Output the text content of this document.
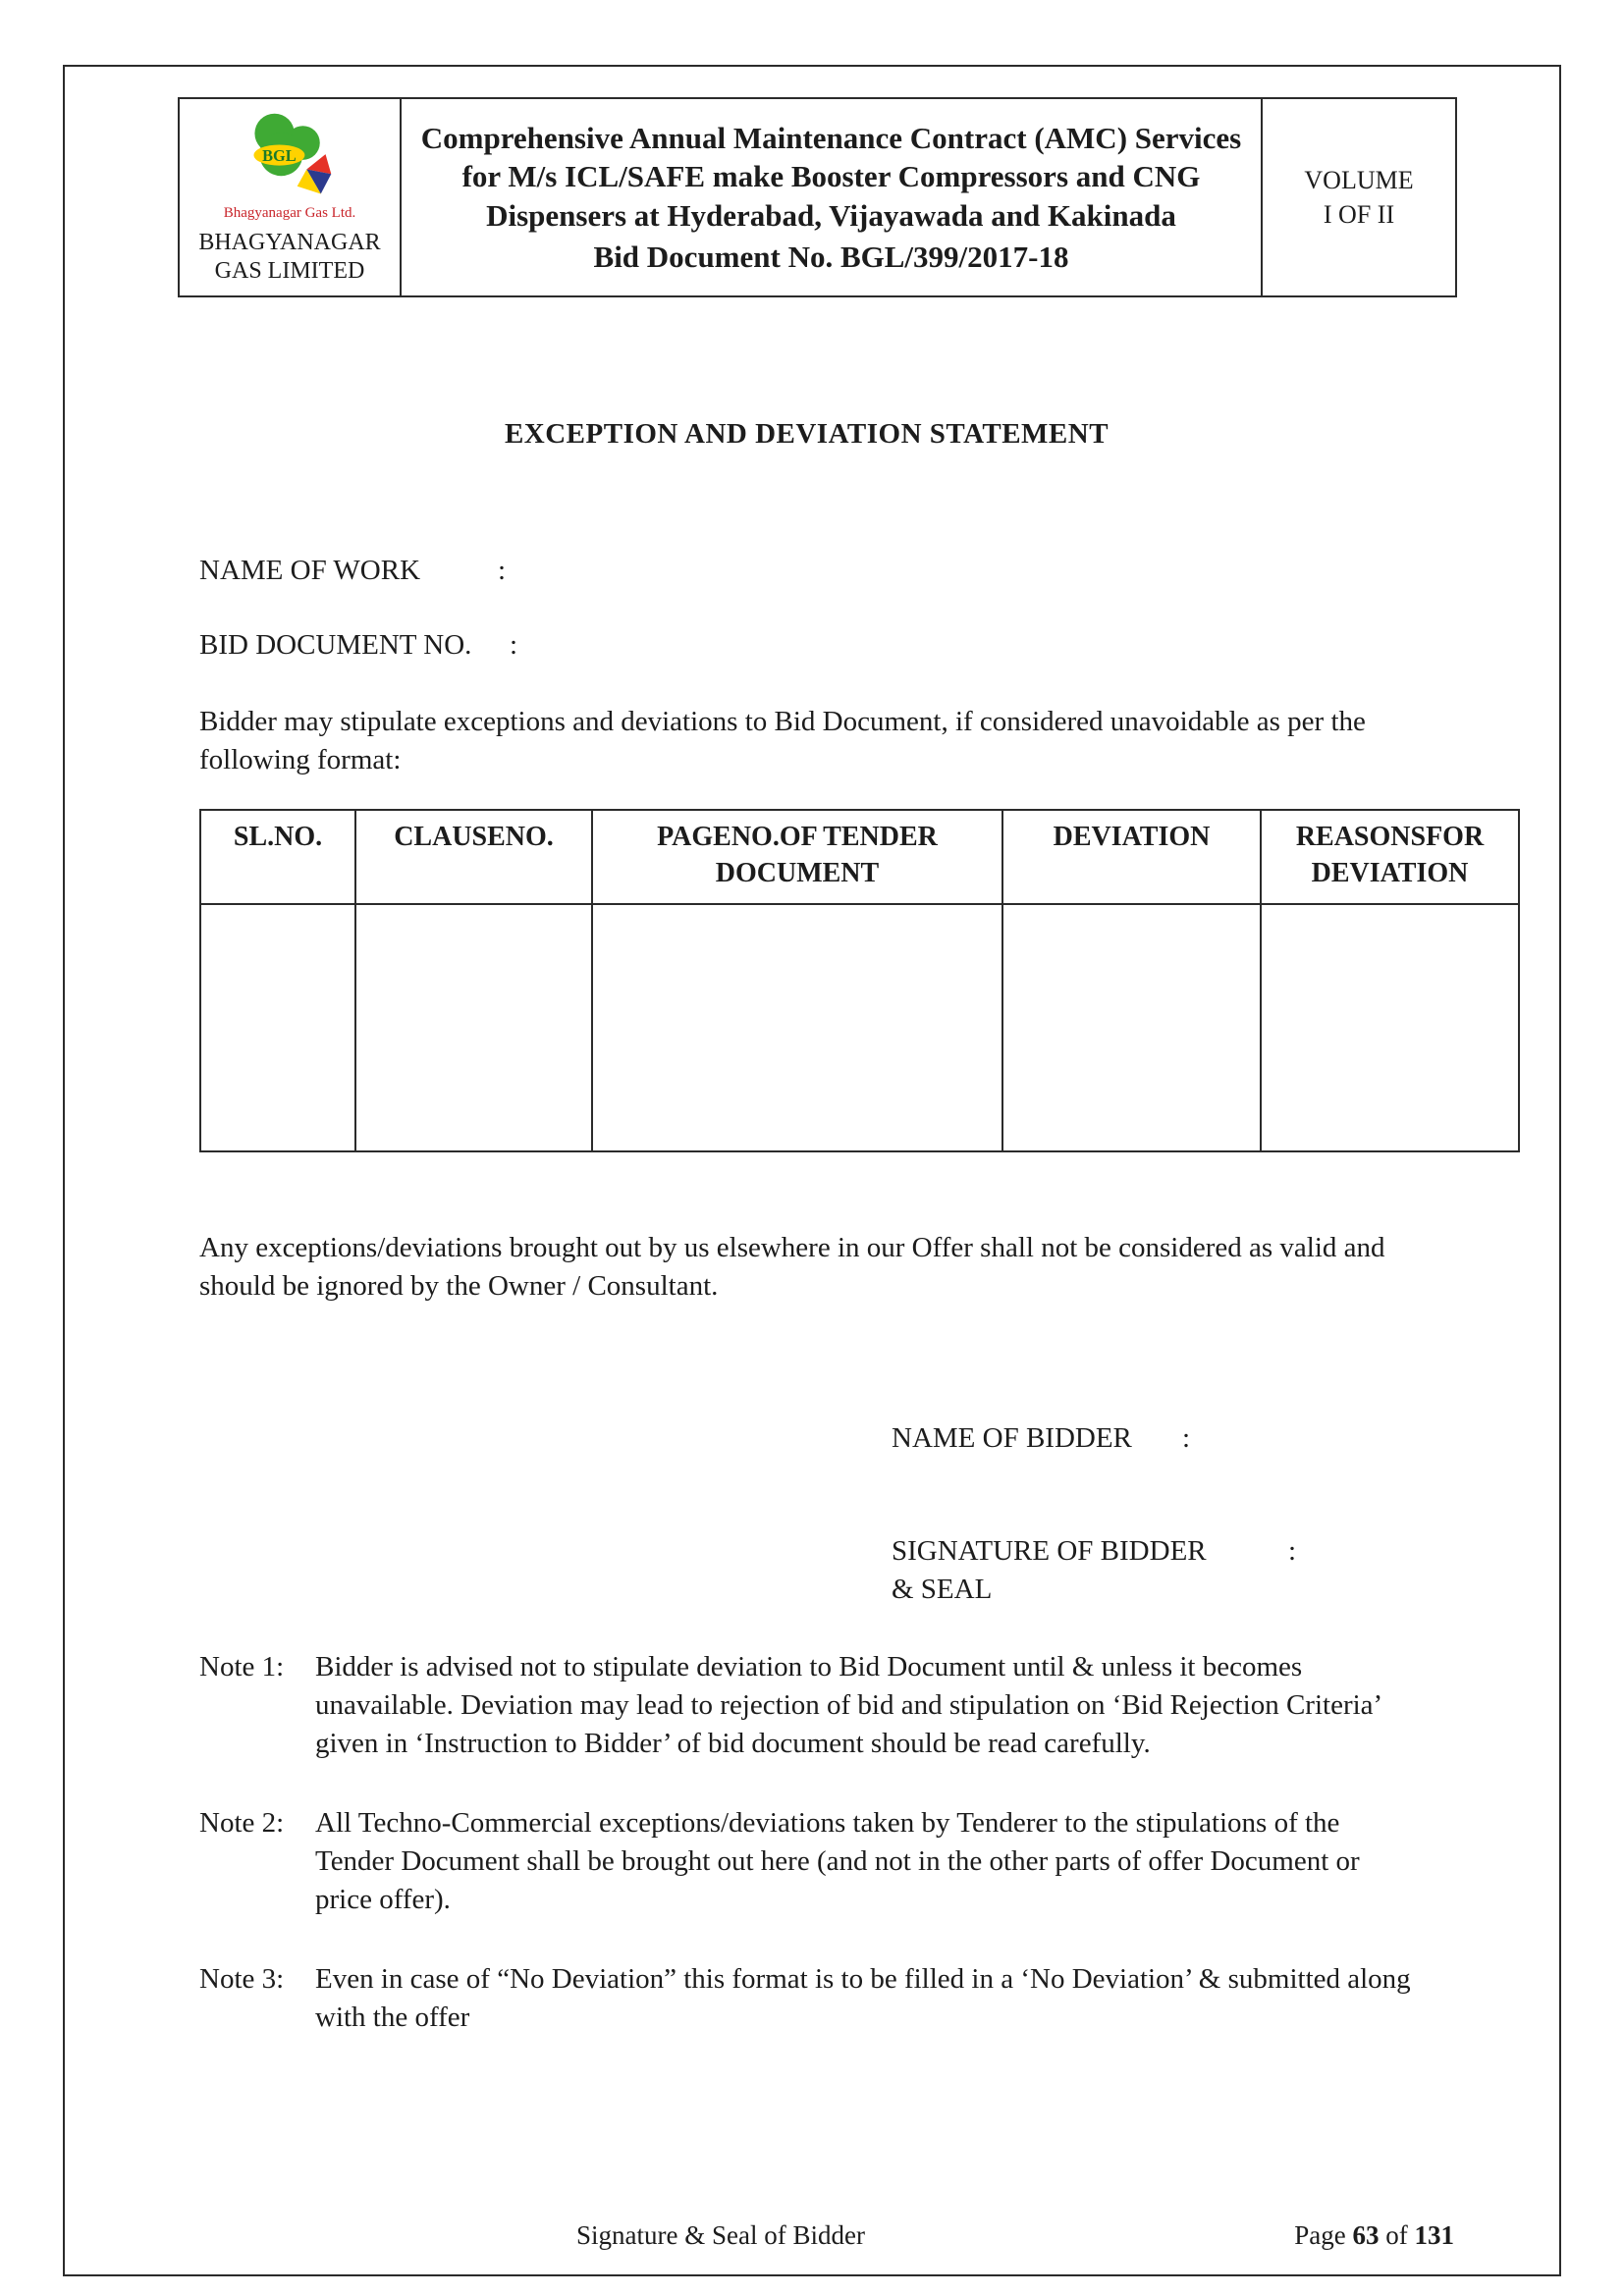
BGL
Bhagyanagar Gas Ltd.
BHAGYANAGAR
GAS LIMITED

Comprehensive Annual Maintenance Contract (AMC) Services for M/s ICL/SAFE make Booster Compressors and CNG Dispensers at Hyderabad, Vijayawada and Kakinada
Bid Document No. BGL/399/2017-18
	VOLUME
I OF II
EXCEPTION AND DEVIATION STATEMENT
NAME OF WORK	:
BID DOCUMENT NO. :

Bidder may stipulate exceptions and deviations to Bid Document, if considered unavoidable as per the following format:

SL.NO.	CLAUSENO.	PAGENO.OF TENDER DOCUMENT	DEVIATION	REASONSFOR DEVIATION

Any exceptions/deviations brought out by us elsewhere in our Offer shall not be considered as valid and should be ignored by the Owner / Consultant.

NAME OF BIDDER :
SIGNATURE OF BIDDER	:
& SEAL
Note 1:	Bidder is advised not to stipulate deviation to Bid Document until & unless it becomes unavailable. Deviation may lead to rejection of bid and stipulation on ‘Bid Rejection Criteria’ given in ‘Instruction to Bidder’ of bid document should be read carefully.
Note 2:	All Techno-Commercial exceptions/deviations taken by Tenderer to the stipulations of the Tender Document shall be brought out here (and not in the other parts of offer Document or price offer).
Note 3:	Even in case of “No Deviation” this format is to be filled in a ‘No Deviation’ & submitted along with the offer
Signature & Seal of Bidder	Page 63 of 131
